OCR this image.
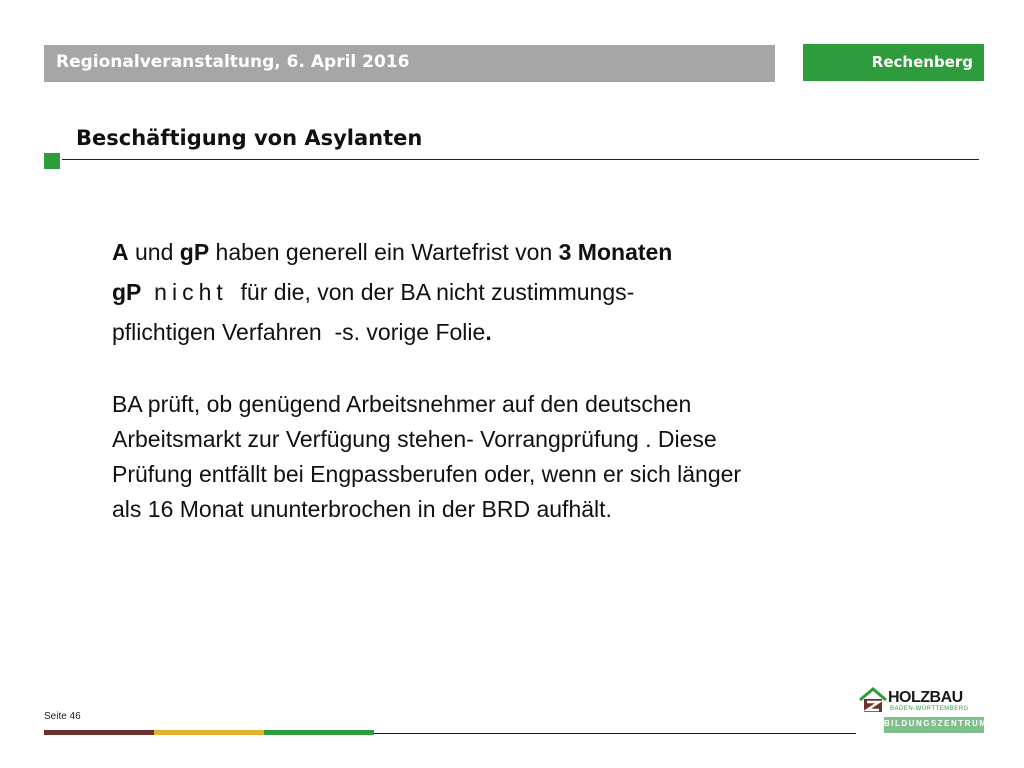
Regionalveranstaltung, 6. April 2016	Rechenberg
Beschäftigung von Asylanten
A und gP haben generell ein Wartefrist von 3 Monaten
gP nicht  für die, von der BA nicht zustimmungs-
pflichtigen Verfahren  -s. vorige Folie.
BA prüft, ob genügend Arbeitsnehmer auf den deutschen
Arbeitsmarkt zur Verfügung stehen- Vorrangprüfung . Diese
Prüfung entfällt bei Engpassberufen oder, wenn er sich länger
als 16 Monat ununterbrochen in der BRD aufhält.
Seite 46
HOLZBAU
BADEN-WÜRTTEMBERG
BILDUNGSZENTRUM
